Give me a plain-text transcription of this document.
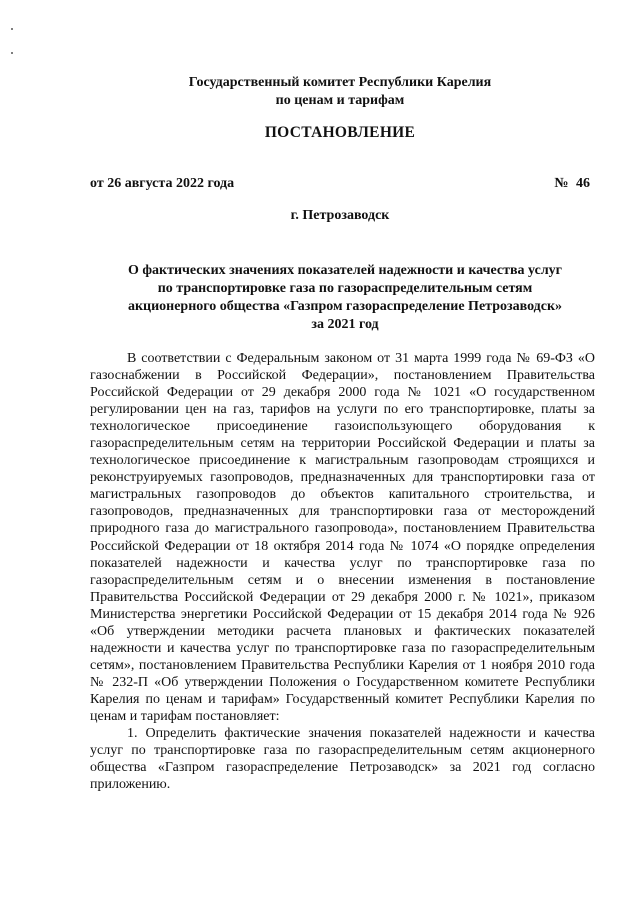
Государственный комитет Республики Карелия
по ценам и тарифам
ПОСТАНОВЛЕНИЕ
от 26 августа 2022 года	№ 46
г. Петрозаводск
О фактических значениях показателей надежности и качества услуг
по транспортировке газа по газораспределительным сетям
акционерного общества «Газпром газораспределение Петрозаводск»
за 2021 год

В соответствии с Федеральным законом от 31 марта 1999 года № 69-ФЗ «О газоснабжении в Российской Федерации», постановлением Правительства Российской Федерации от 29 декабря 2000 года № 1021 «О государственном регулировании цен на газ, тарифов на услуги по его транспортировке, платы за технологическое присоединение газоиспользующего оборудования к газораспределительным сетям на территории Российской Федерации и платы за технологическое присоединение к магистральным газопроводам строящихся и реконструируемых газопроводов, предназначенных для транспортировки газа от магистральных газопроводов до объектов капитального строительства, и газопроводов, предназначенных для транспортировки газа от месторождений природного газа до магистрального газопровода», постановлением Правительства Российской Федерации от 18 октября 2014 года № 1074 «О порядке определения показателей надежности и качества услуг по транспортировке газа по газораспределительным сетям и о внесении изменения в постановление Правительства Российской Федерации от 29 декабря 2000 г. № 1021», приказом Министерства энергетики Российской Федерации от 15 декабря 2014 года № 926 «Об утверждении методики расчета плановых и фактических показателей надежности и качества услуг по транспортировке газа по газораспределительным сетям», постановлением Правительства Республики Карелия от 1 ноября 2010 года № 232-П «Об утверждении Положения о Государственном комитете Республики Карелия по ценам и тарифам» Государственный комитет Республики Карелия по ценам и тарифам постановляет:

1. Определить фактические значения показателей надежности и качества услуг по транспортировке газа по газораспределительным сетям акционерного общества «Газпром газораспределение Петрозаводск» за 2021 год согласно приложению.
